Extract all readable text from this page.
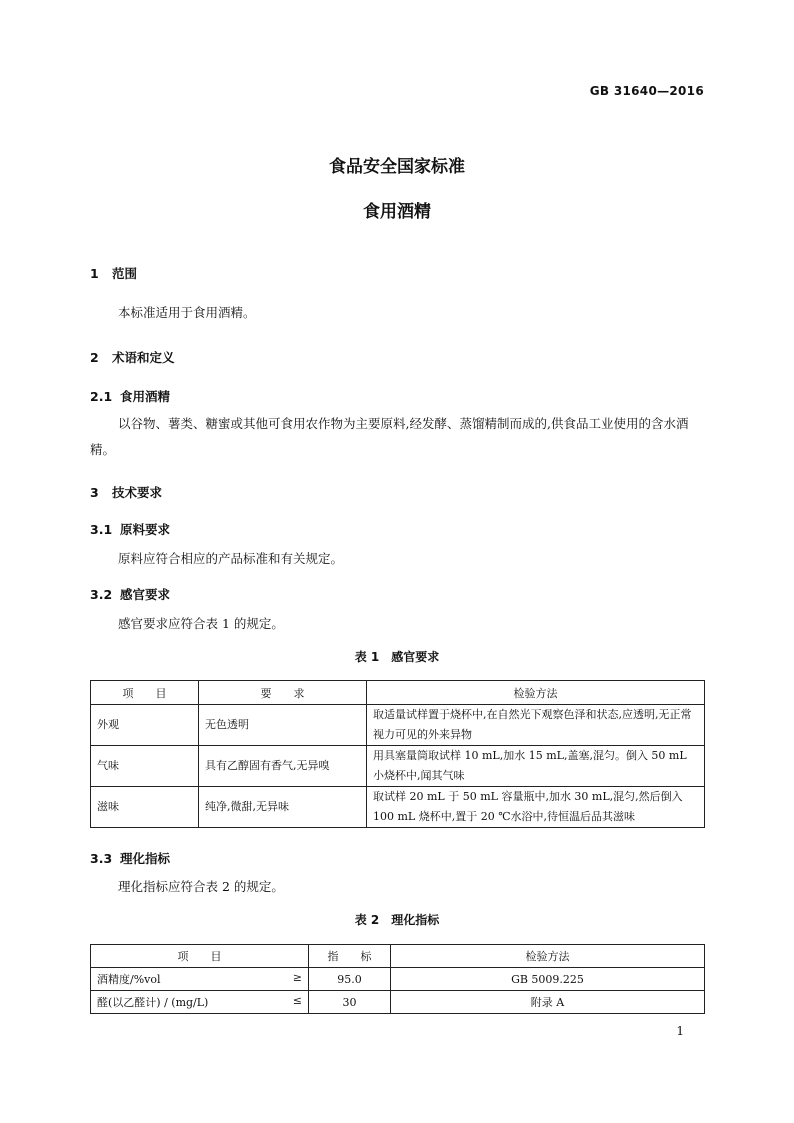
GB 31640—2016
食品安全国家标准
食用酒精
1 范围
本标准适用于食用酒精。
2 术语和定义
2.1 食用酒精
以谷物、薯类、糖蜜或其他可食用农作物为主要原料,经发酵、蒸馏精制而成的,供食品工业使用的含水酒精。
3 技术要求
3.1 原料要求
原料应符合相应的产品标准和有关规定。
3.2 感官要求
感官要求应符合表 1 的规定。
表 1　感官要求
项　　目	要　　求	检验方法
外观	无色透明	取适量试样置于烧杯中,在自然光下观察色泽和状态,应透明,无正常视力可见的外来异物
气味	具有乙醇固有香气,无异嗅	用具塞量筒取试样 10 mL,加水 15 mL,盖塞,混匀。倒入 50 mL 小烧杯中,闻其气味
滋味	纯净,微甜,无异味	取试样 20 mL 于 50 mL 容量瓶中,加水 30 mL,混匀,然后倒入 100 mL 烧杯中,置于 20 ℃水浴中,待恒温后品其滋味
3.3 理化指标
理化指标应符合表 2 的规定。
表 2　理化指标
项　　目	指　　标	检验方法
酒精度/%vol ≥	95.0	GB 5009.225
醛(以乙醛计) / (mg/L) ≤	30	附录 A
1
